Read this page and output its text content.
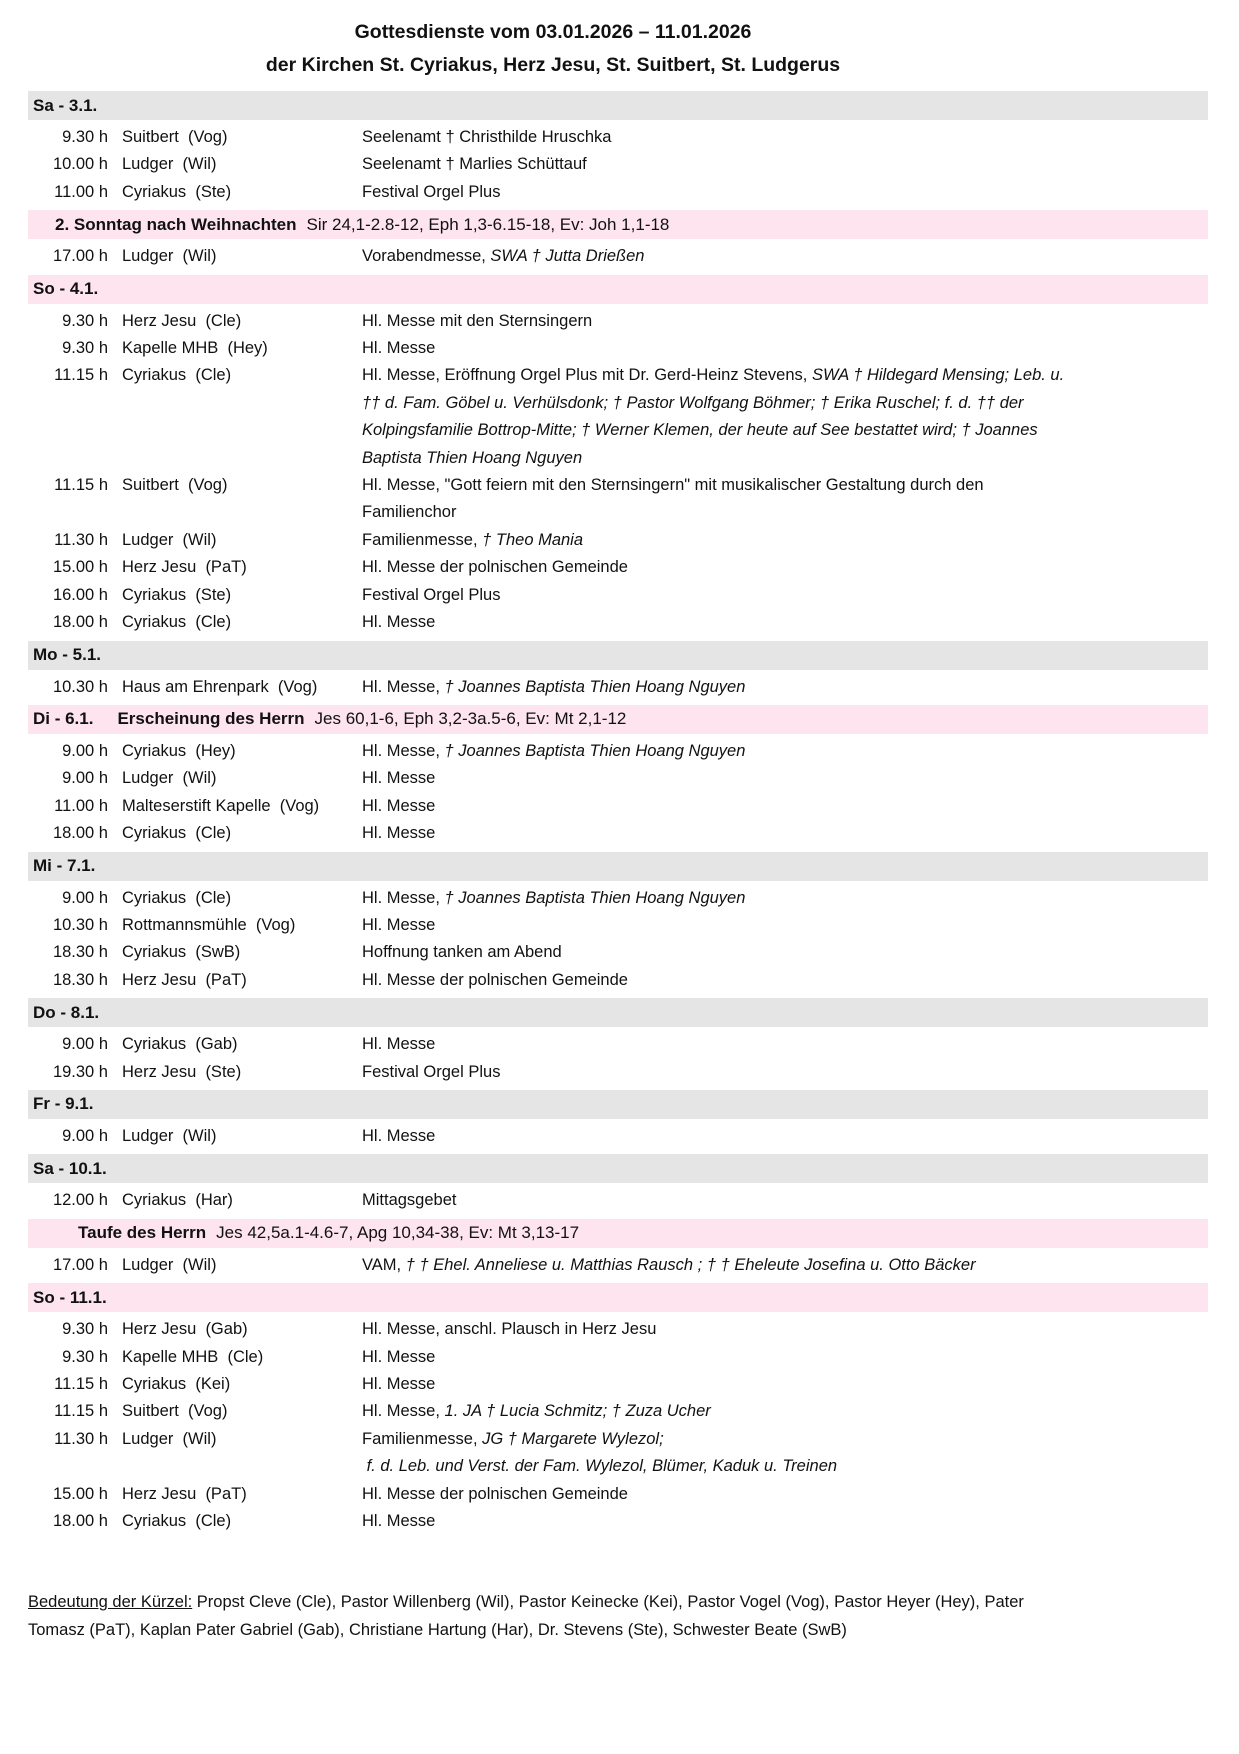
Gottesdienste vom 03.01.2026 – 11.01.2026
der Kirchen St. Cyriakus, Herz Jesu, St. Suitbert, St. Ludgerus
Sa - 3.1.
9.30 h Suitbert  (Vog)	Seelenamt † Christhilde Hruschka
10.00 h Ludger  (Wil)	Seelenamt † Marlies Schüttauf
11.00 h Cyriakus  (Ste)	Festival Orgel Plus
2. Sonntag nach Weihnachten Sir 24,1-2.8-12, Eph 1,3-6.15-18, Ev: Joh 1,1-18
17.00 h Ludger  (Wil)	Vorabendmesse, SWA † Jutta Drießen
So - 4.1.
9.30 h Herz Jesu  (Cle)	Hl. Messe mit den Sternsingern
9.30 h Kapelle MHB  (Hey)	Hl. Messe
11.15 h Cyriakus  (Cle)	Hl. Messe, Eröffnung Orgel Plus mit Dr. Gerd-Heinz Stevens, SWA † Hildegard Mensing; Leb. u. †† d. Fam. Göbel u. Verhülsdonk; † Pastor Wolfgang Böhmer; † Erika Ruschel; f. d. †† der Kolpingsfamilie Bottrop-Mitte; † Werner Klemen, der heute auf See bestattet wird; † Joannes Baptista Thien Hoang Nguyen
11.15 h Suitbert  (Vog)	Hl. Messe, "Gott feiern mit den Sternsingern" mit musikalischer Gestaltung durch den Familienchor
11.30 h Ludger  (Wil)	Familienmesse, † Theo Mania
15.00 h Herz Jesu  (PaT)	Hl. Messe der polnischen Gemeinde
16.00 h Cyriakus  (Ste)	Festival Orgel Plus
18.00 h Cyriakus  (Cle)	Hl. Messe
Mo - 5.1.
10.30 h Haus am Ehrenpark  (Vog)	Hl. Messe, † Joannes Baptista Thien Hoang Nguyen
Di - 6.1. Erscheinung des Herrn Jes 60,1-6, Eph 3,2-3a.5-6, Ev: Mt 2,1-12
9.00 h Cyriakus  (Hey)	Hl. Messe, † Joannes Baptista Thien Hoang Nguyen
9.00 h Ludger  (Wil)	Hl. Messe
11.00 h Malteserstift Kapelle  (Vog)	Hl. Messe
18.00 h Cyriakus  (Cle)	Hl. Messe
Mi - 7.1.
9.00 h Cyriakus  (Cle)	Hl. Messe, † Joannes Baptista Thien Hoang Nguyen
10.30 h Rottmannsmühle  (Vog)	Hl. Messe
18.30 h Cyriakus  (SwB)	Hoffnung tanken am Abend
18.30 h Herz Jesu  (PaT)	Hl. Messe der polnischen Gemeinde
Do - 8.1.
9.00 h Cyriakus  (Gab)	Hl. Messe
19.30 h Herz Jesu  (Ste)	Festival Orgel Plus
Fr - 9.1.
9.00 h Ludger  (Wil)	Hl. Messe
Sa - 10.1.
12.00 h Cyriakus  (Har)	Mittagsgebet
Taufe des Herrn Jes 42,5a.1-4.6-7, Apg 10,34-38, Ev: Mt 3,13-17
17.00 h Ludger  (Wil)	VAM, † † Ehel. Anneliese u. Matthias Rausch ; † † Eheleute Josefina u. Otto Bäcker
So - 11.1.
9.30 h Herz Jesu  (Gab)	Hl. Messe, anschl. Plausch in Herz Jesu
9.30 h Kapelle MHB  (Cle)	Hl. Messe
11.15 h Cyriakus  (Kei)	Hl. Messe
11.15 h Suitbert  (Vog)	Hl. Messe, 1. JA † Lucia Schmitz; † Zuza Ucher
11.30 h Ludger  (Wil)	Familienmesse, JG † Margarete Wylezol;
f. d. Leb. und Verst. der Fam. Wylezol, Blümer, Kaduk u. Treinen
15.00 h Herz Jesu  (PaT)	Hl. Messe der polnischen Gemeinde
18.00 h Cyriakus  (Cle)	Hl. Messe
Bedeutung der Kürzel: Propst Cleve (Cle), Pastor Willenberg (Wil), Pastor Keinecke (Kei), Pastor Vogel (Vog), Pastor Heyer (Hey), Pater Tomasz (PaT), Kaplan Pater Gabriel (Gab), Christiane Hartung (Har), Dr. Stevens (Ste), Schwester Beate (SwB)
